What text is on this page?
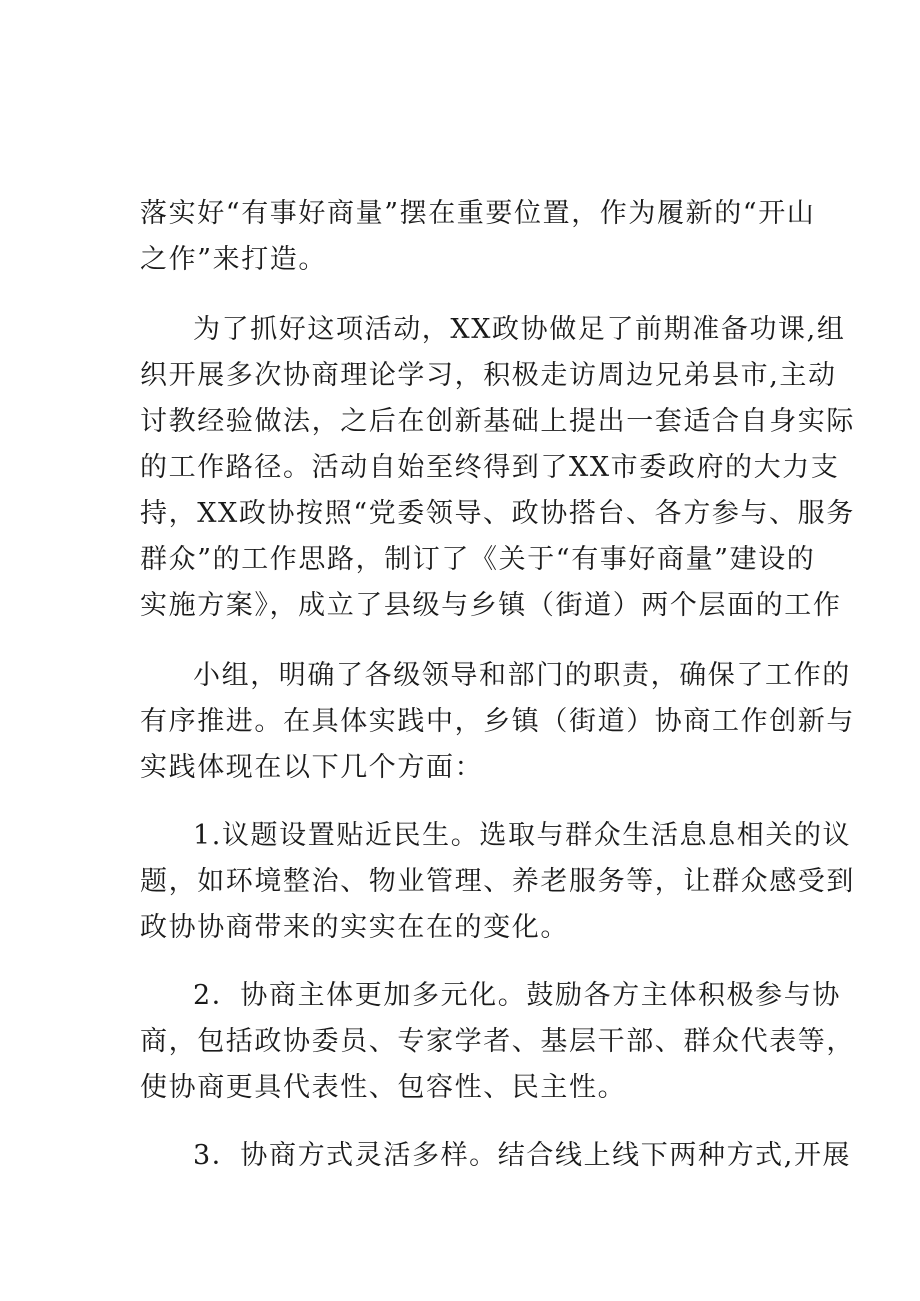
落实好“有事好商量”摆在重要位置，作为履新的“开山
之作”来打造。
为了抓好这项活动，XX政协做足了前期准备功课,组
织开展多次协商理论学习，积极走访周边兄弟县市,主动
讨教经验做法，之后在创新基础上提出一套适合自身实际
的工作路径。活动自始至终得到了XX市委政府的大力支
持，XX政协按照“党委领导、政协搭台、各方参与、服务
群众”的工作思路，制订了《关于“有事好商量”建设的
实施方案》，成立了县级与乡镇（街道）两个层面的工作
小组，明确了各级领导和部门的职责，确保了工作的
有序推进。在具体实践中，乡镇（街道）协商工作创新与
实践体现在以下几个方面：
1.议题设置贴近民生。选取与群众生活息息相关的议
题，如环境整治、物业管理、养老服务等，让群众感受到
政协协商带来的实实在在的变化。
2．协商主体更加多元化。鼓励各方主体积极参与协
商，包括政协委员、专家学者、基层干部、群众代表等，
使协商更具代表性、包容性、民主性。
3．协商方式灵活多样。结合线上线下两种方式,开展
